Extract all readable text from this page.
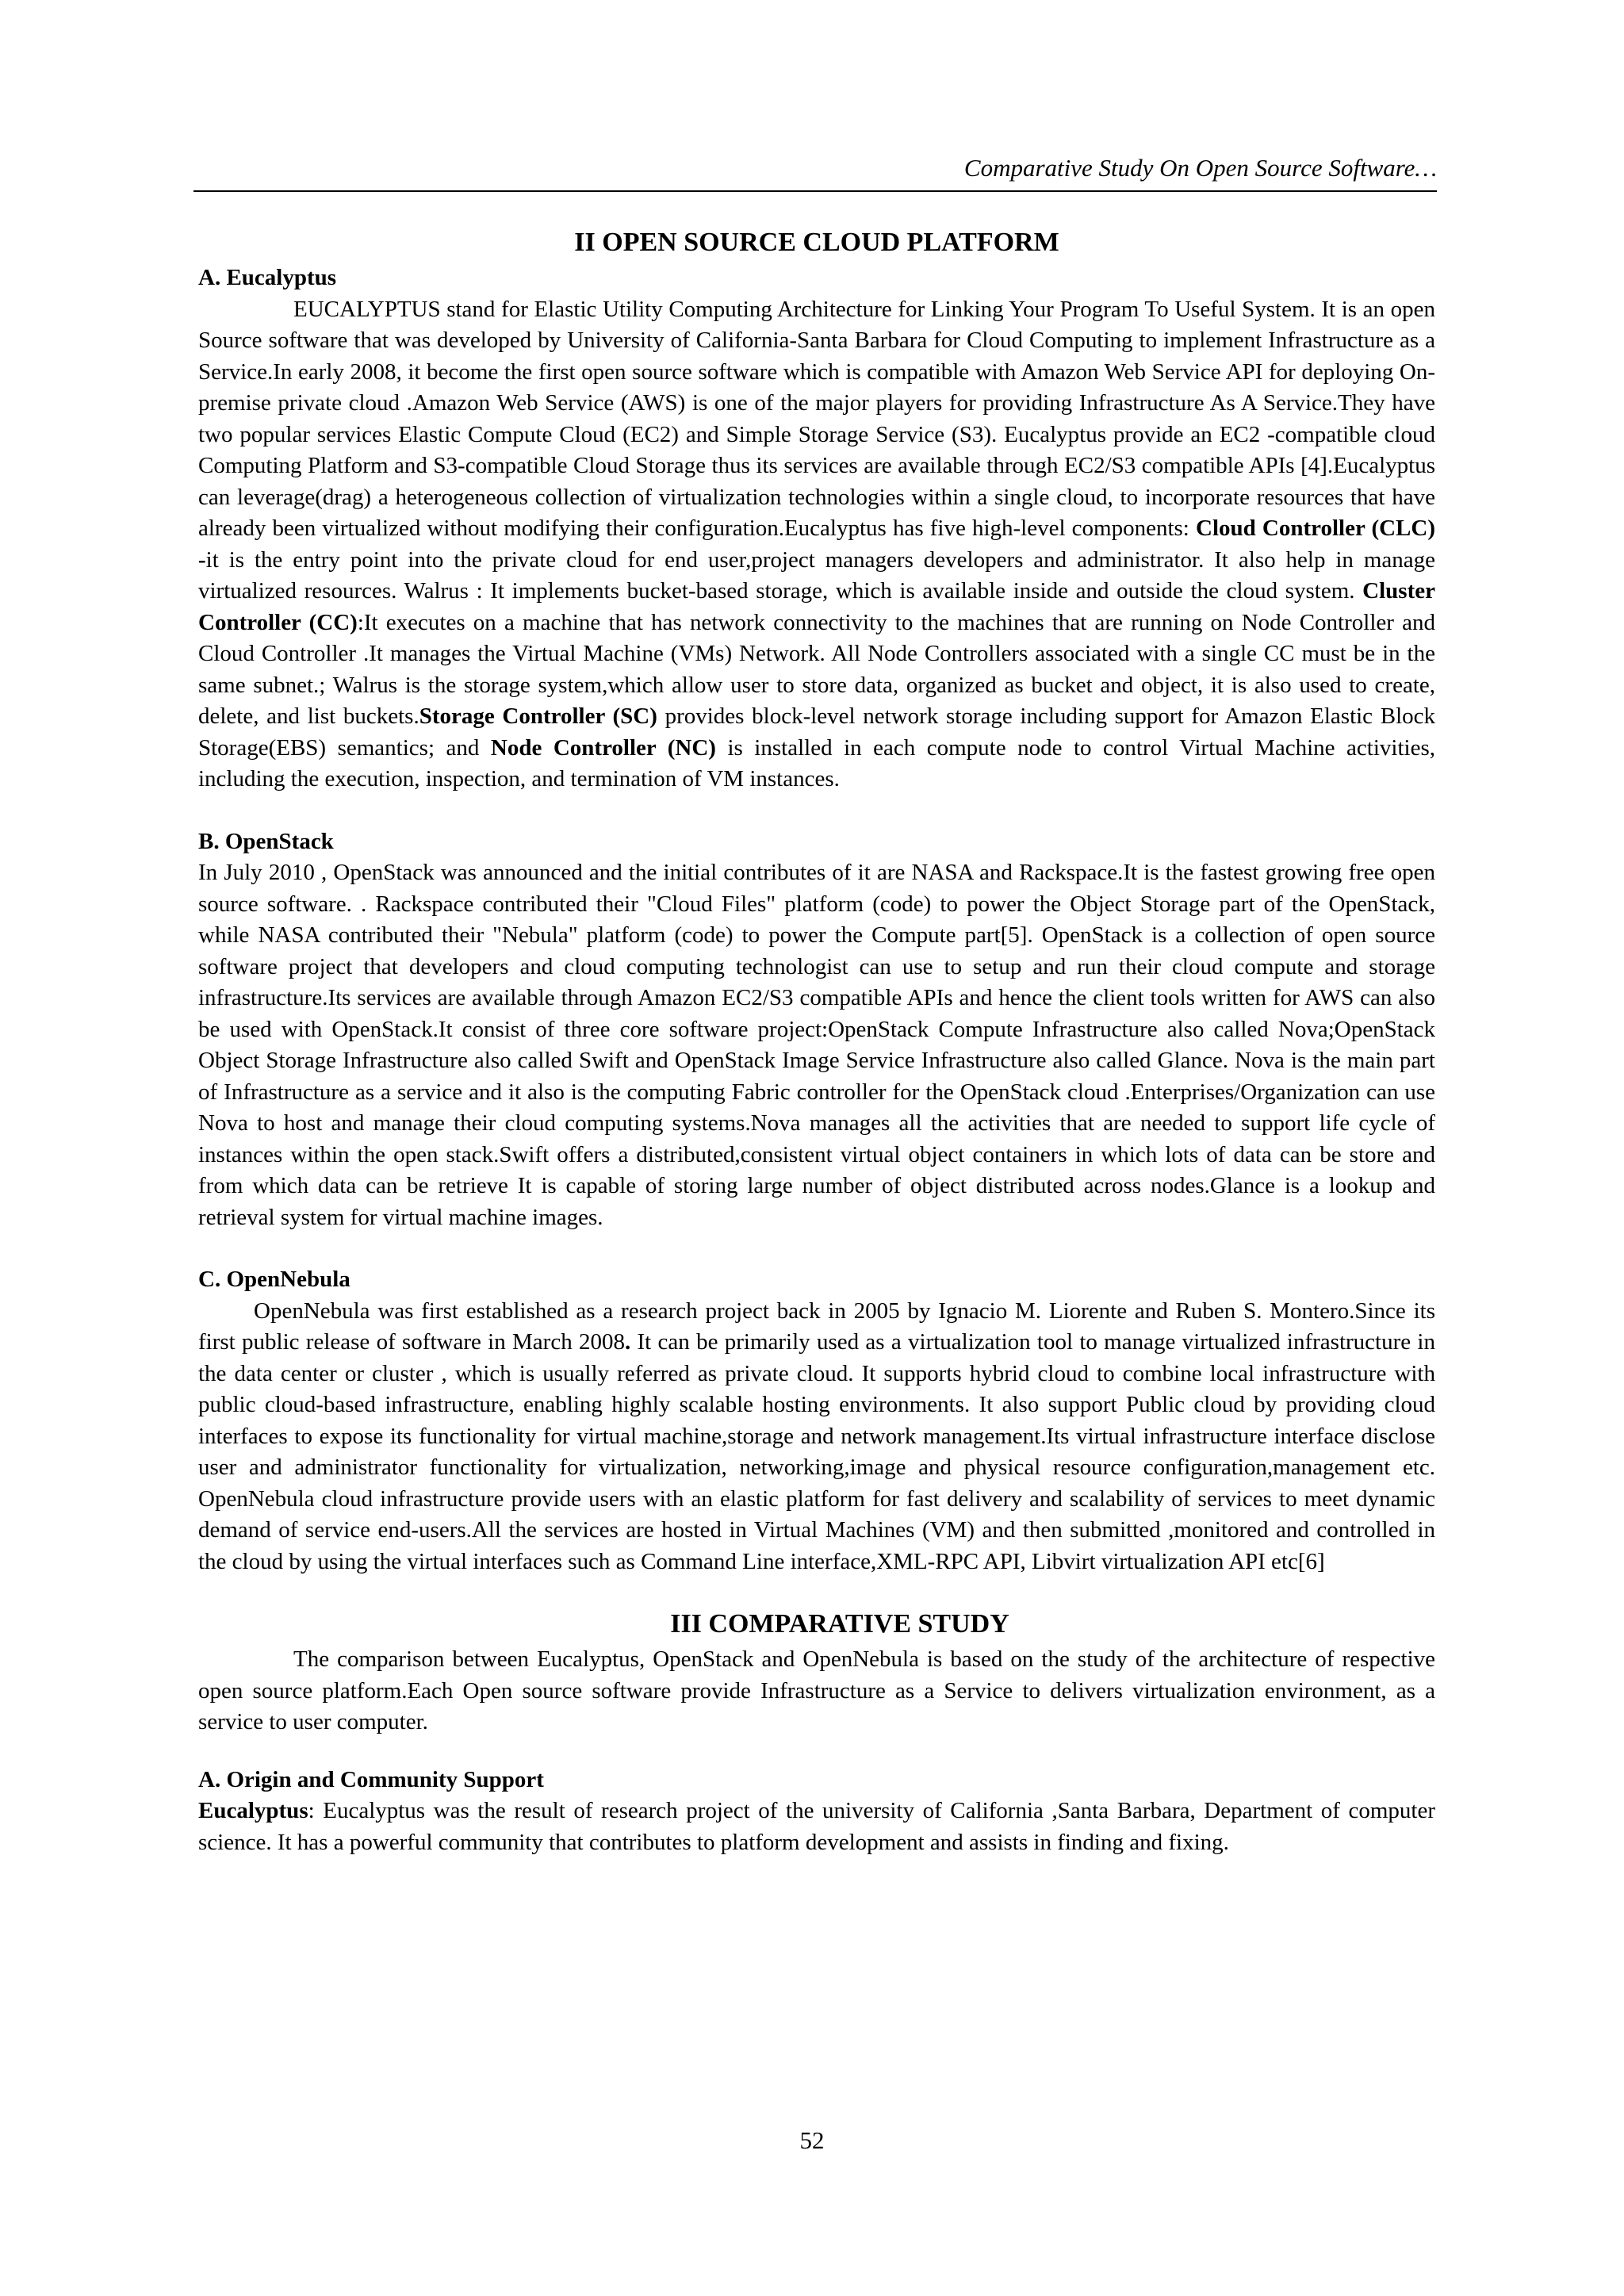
Comparative Study On Open Source Software…
II OPEN SOURCE CLOUD PLATFORM
A. Eucalyptus

EUCALYPTUS stand for Elastic Utility Computing Architecture for Linking Your Program To Useful System. It is an open Source software that was developed by University of California-Santa Barbara for Cloud Computing to implement Infrastructure as a Service.In early 2008, it become the first open source software which is compatible with Amazon Web Service API for deploying On-premise private cloud .Amazon Web Service (AWS) is one of the major players for providing Infrastructure As A Service.They have two popular services Elastic Compute Cloud (EC2) and Simple Storage Service (S3). Eucalyptus provide an EC2 -compatible cloud Computing Platform and S3-compatible Cloud Storage thus its services are available through EC2/S3 compatible APIs [4].Eucalyptus can leverage(drag) a heterogeneous collection of virtualization technologies within a single cloud, to incorporate resources that have already been virtualized without modifying their configuration.Eucalyptus has five high-level components: Cloud Controller (CLC) -it is the entry point into the private cloud for end user,project managers developers and administrator. It also help in manage virtualized resources. Walrus : It implements bucket-based storage, which is available inside and outside the cloud system. Cluster Controller (CC):It executes on a machine that has network connectivity to the machines that are running on Node Controller and Cloud Controller .It manages the Virtual Machine (VMs) Network. All Node Controllers associated with a single CC must be in the same subnet.; Walrus is the storage system,which allow user to store data, organized as bucket and object, it is also used to create, delete, and list buckets.Storage Controller (SC) provides block-level network storage including support for Amazon Elastic Block Storage(EBS) semantics; and Node Controller (NC) is installed in each compute node to control Virtual Machine activities, including the execution, inspection, and termination of VM instances.

B. OpenStack

In July 2010 , OpenStack was announced and the initial contributes of it are NASA and Rackspace.It is the fastest growing free open source software. . Rackspace contributed their "Cloud Files" platform (code) to power the Object Storage part of the OpenStack, while NASA contributed their "Nebula" platform (code) to power the Compute part[5]. OpenStack is a collection of open source software project that developers and cloud computing technologist can use to setup and run their cloud compute and storage infrastructure.Its services are available through Amazon EC2/S3 compatible APIs and hence the client tools written for AWS can also be used with OpenStack.It consist of three core software project:OpenStack Compute Infrastructure also called Nova;OpenStack Object Storage Infrastructure also called Swift and OpenStack Image Service Infrastructure also called Glance. Nova is the main part of Infrastructure as a service and it also is the computing Fabric controller for the OpenStack cloud .Enterprises/Organization can use Nova to host and manage their cloud computing systems.Nova manages all the activities that are needed to support life cycle of instances within the open stack.Swift offers a distributed,consistent virtual object containers in which lots of data can be store and from which data can be retrieve It is capable of storing large number of object distributed across nodes.Glance is a lookup and retrieval system for virtual machine images.

C. OpenNebula

OpenNebula was first established as a research project back in 2005 by Ignacio M. Liorente and Ruben S. Montero.Since its first public release of software in March 2008. It can be primarily used as a virtualization tool to manage virtualized infrastructure in the data center or cluster , which is usually referred as private cloud. It supports hybrid cloud to combine local infrastructure with public cloud-based infrastructure, enabling highly scalable hosting environments. It also support Public cloud by providing cloud interfaces to expose its functionality for virtual machine,storage and network management.Its virtual infrastructure interface disclose user and administrator functionality for virtualization, networking,image and physical resource configuration,management etc. OpenNebula cloud infrastructure provide users with an elastic platform for fast delivery and scalability of services to meet dynamic demand of service end-users.All the services are hosted in Virtual Machines (VM) and then submitted ,monitored and controlled in the cloud by using the virtual interfaces such as Command Line interface,XML-RPC API, Libvirt virtualization API etc[6]

III COMPARATIVE STUDY

The comparison between Eucalyptus, OpenStack and OpenNebula is based on the study of the architecture of respective open source platform.Each Open source software provide Infrastructure as a Service to delivers virtualization environment, as a service to user computer.

A. Origin and Community Support

Eucalyptus: Eucalyptus was the result of research project of the university of California ,Santa Barbara, Department of computer science. It has a powerful community that contributes to platform development and assists in finding and fixing.

52
